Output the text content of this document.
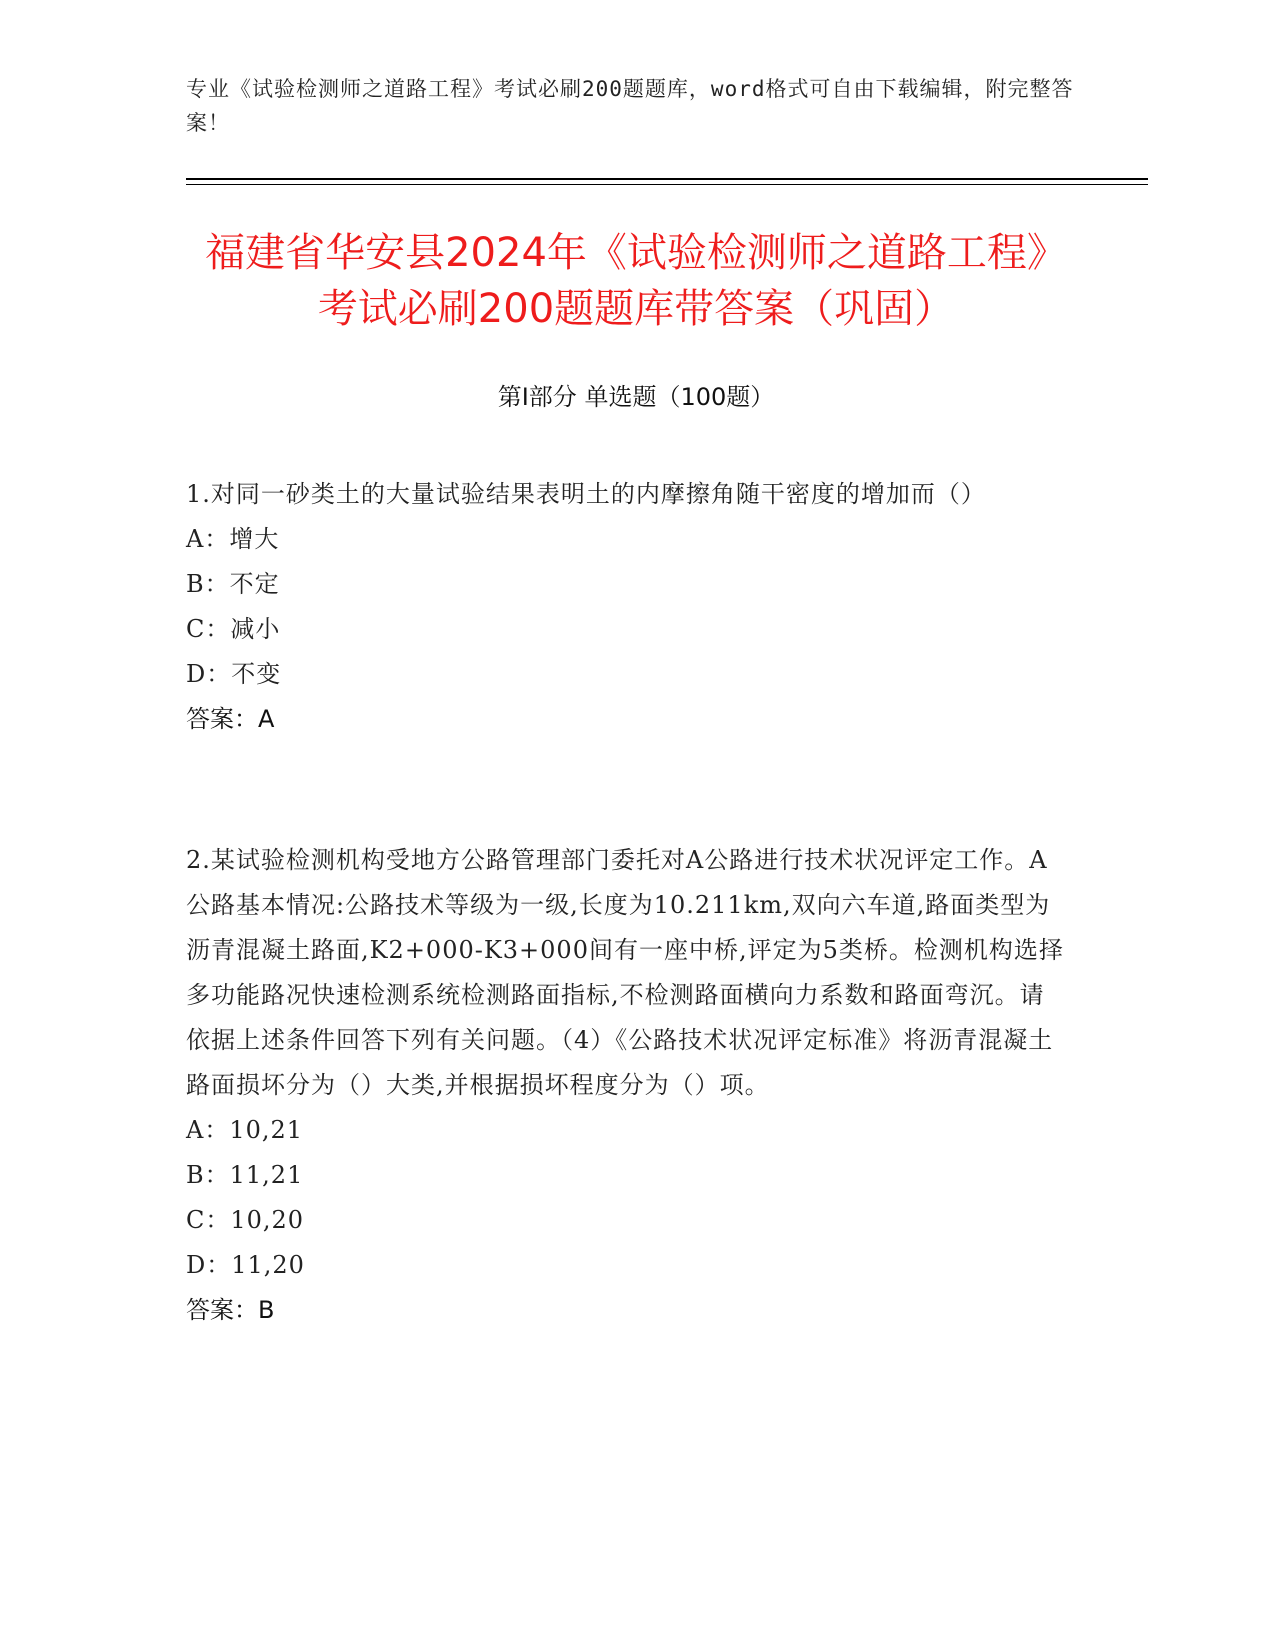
专业《试验检测师之道路工程》考试必刷200题题库，word格式可自由下载编辑，附完整答案！
福建省华安县2024年《试验检测师之道路工程》考试必刷200题题库带答案（巩固）
第I部分 单选题（100题）

1.对同一砂类土的大量试验结果表明土的内摩擦角随干密度的增加而（）

A：增大

B：不定

C：减小

D：不变

答案：A

2.某试验检测机构受地方公路管理部门委托对A公路进行技术状况评定工作。A公路基本情况:公路技术等级为一级,长度为10.211km,双向六车道,路面类型为沥青混凝土路面,K2+000-K3+000间有一座中桥,评定为5类桥。检测机构选择多功能路况快速检测系统检测路面指标,不检测路面横向力系数和路面弯沉。请依据上述条件回答下列有关问题。（4）《公路技术状况评定标准》将沥青混凝土路面损坏分为（）大类,并根据损坏程度分为（）项。

A：10,21

B：11,21

C：10,20

D：11,20

答案：B
